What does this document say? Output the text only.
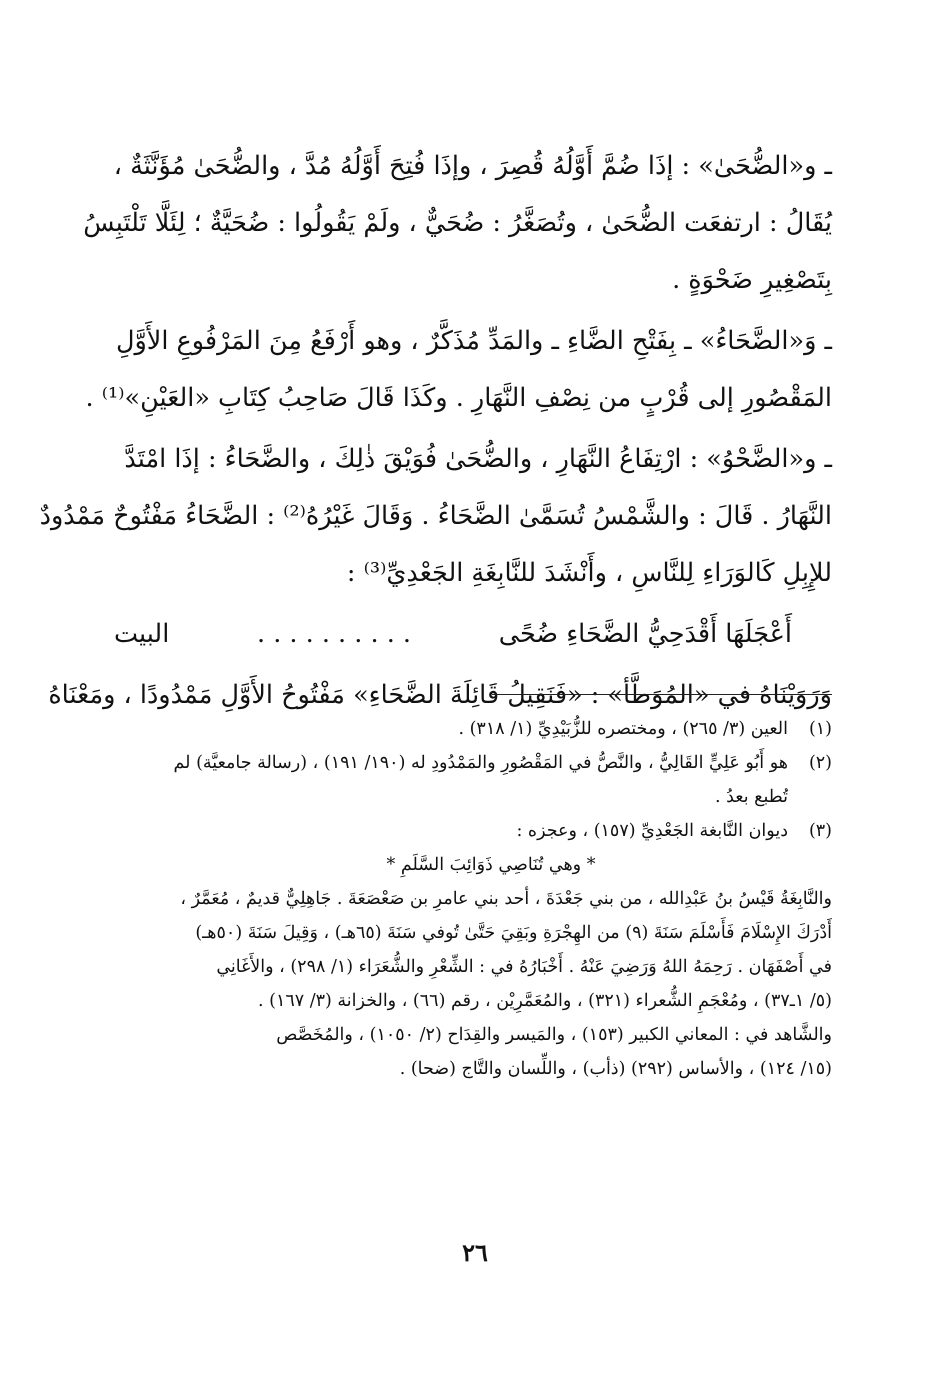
ـ و«الضُّحَىٰ» : إذَا ضُمَّ أَوَّلُهُ قُصِرَ ، وإذَا فُتِحَ أَوَّلُهُ مُدَّ ، والضُّحَىٰ مُؤَنَّثَةٌ ،
يُقَالُ : ارتفعَت الضُّحَىٰ ، وتُصَغَّرُ : ضُحَيٌّ ، ولَمْ يَقُولُوا : ضُحَيَّةٌ ؛ لِئَلَّا تَلْتَبِسُ
بِتَصْغِيرِ ضَحْوَةٍ .

ـ وَ«الضَّحَاءُ» ـ بِفَتْحِ الضَّاءِ ـ والمَدِّ مُذَكَّرٌ ، وهو أَرْفَعُ مِنَ المَرْفُوعِ الأَوَّلِ
المَقْصُورِ إلى قُرْبٍ من نِصْفِ النَّهَارِ . وكَذَا قَالَ صَاحِبُ كِتَابِ «العَيْنِ»⁽¹⁾ .

ـ و«الضَّحْوُ» : ارْتِفَاعُ النَّهَارِ ، والضُّحَىٰ فُوَيْقَ ذٰلِكَ ، والضَّحَاءُ : إذَا امْتَدَّ
النَّهَارُ . قَالَ : والشَّمْسُ تُسَمَّىٰ الضَّحَاءُ . وَقَالَ غَيْرُهُ⁽²⁾ : الضَّحَاءُ مَفْتُوحٌ مَمْدُودٌ
للإِبِلِ كَالوَرَاءِ لِلنَّاسِ ، وأَنْشَدَ للنَّابِغَةِ الجَعْدِيِّ⁽³⁾ :

أَعْجَلَهَا أَقْدَحِيُّ الضَّحَاءِ ضُحًى
. . . . . . . . . .
البيت

وَرَوَيْنَاهُ في «المُوَطَّأ» : «فَنَقِيلُ قَائِلَةَ الضَّحَاءِ» مَفْتُوحُ الأَوَّلِ مَمْدُودًا ، ومَعْنَاهُ

(١)
العين (٣/ ٢٦٥) ، ومختصره للزُّبَيْدِيِّ (١/ ٣١٨) .
(٢)
هو أَبُو عَلِيٍّ القَالِيُّ ، والنَّصُّ في المَقْصُورِ والمَمْدُودِ له (١٩٠/ ١٩١) ، (رسالة جامعيَّة) لم
تُطبع بعدُ .
(٣)
ديوان النَّابغة الجَعْدِيِّ (١٥٧) ، وعجزه :
* وهي تُنَاصِي ذَوَائِبَ السَّلَمِ *
والنَّابِغَةُ قَيْسُ بنُ عَبْدِالله ، من بني جَعْدَةَ ، أحد بني عامرِ بن صَعْصَعَةَ . جَاهِلِيٌّ قديمٌ ، مُعَمَّرٌ ،
أَدْرَكَ الإِسْلَامَ فَأَسْلَمَ سَنَةَ (٩) من الهِجْرَةِ وبَقِيَ حَتَّىٰ تُوفي سَنَةَ (٦٥هـ) ، وَقِيلَ سَنَةَ (٥٠هـ)
في أَصْفَهَان . رَحِمَهُ اللهُ وَرَضِيَ عَنْهُ . أَخْبَارُهُ في : الشِّعْرِ والشُّعَرَاء (١/ ٢٩٨) ، والأَغَانِي
(٥/ ١ـ٣٧) ، ومُعْجَمِ الشُّعراء (٣٢١) ، والمُعَمَّرِيْن ، رقم (٦٦) ، والخزانة (٣/ ١٦٧) .
والشَّاهد في : المعاني الكبير (١٥٣) ، والمَيسر والقِدَاح (٢/ ١٠٥٠) ، والمُخَصَّص
(١٥/ ١٢٤) ، والأساس (٢٩٢) (ذأب) ، واللِّسان والتَّاج (ضحا) .
٢٦
